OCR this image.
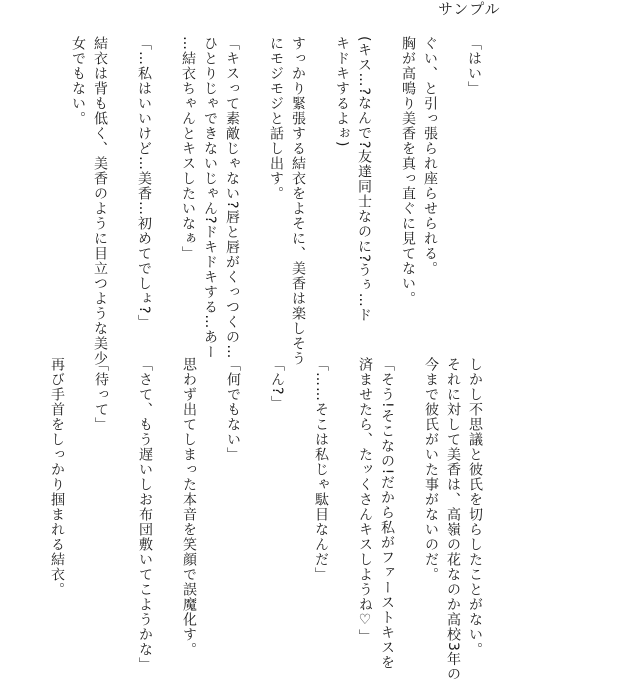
サンプル
「はい」

ぐい、と引っ張られ座らせられる。
胸が高鳴り美香を真っ直ぐに見てない。

(キス…?なんで?友達同士なのに?うぅ…ド
キドキするよぉ)

すっかり緊張する結衣をよそに、美香は楽しそう
にモジモジと話し出す。

「キスって素敵じゃない?唇と唇がくっつくの…
ひとりじゃできないじゃん?ドキドキする…あー
…結衣ちゃんとキスしたいなぁ」

「…私はいいけど…美香…初めてでしょ?」

結衣は背も低く、美香のように目立つような美少
女でもない。
しかし不思議と彼氏を切らしたことがない。
それに対して美香は、高嶺の花なのか高校3年の
今まで彼氏がいた事がないのだ。

「そう!そこなの!だから私がファーストキスを
済ませたら、たッくさんキスしようね♡」

「……そこは私じゃ駄目なんだ」

「ん?」

「何でもない」

思わず出てしまった本音を笑顔で誤魔化す。

「さて、もう遅いしお布団敷いてこようかな」

「待って」

再び手首をしっかり掴まれる結衣。
